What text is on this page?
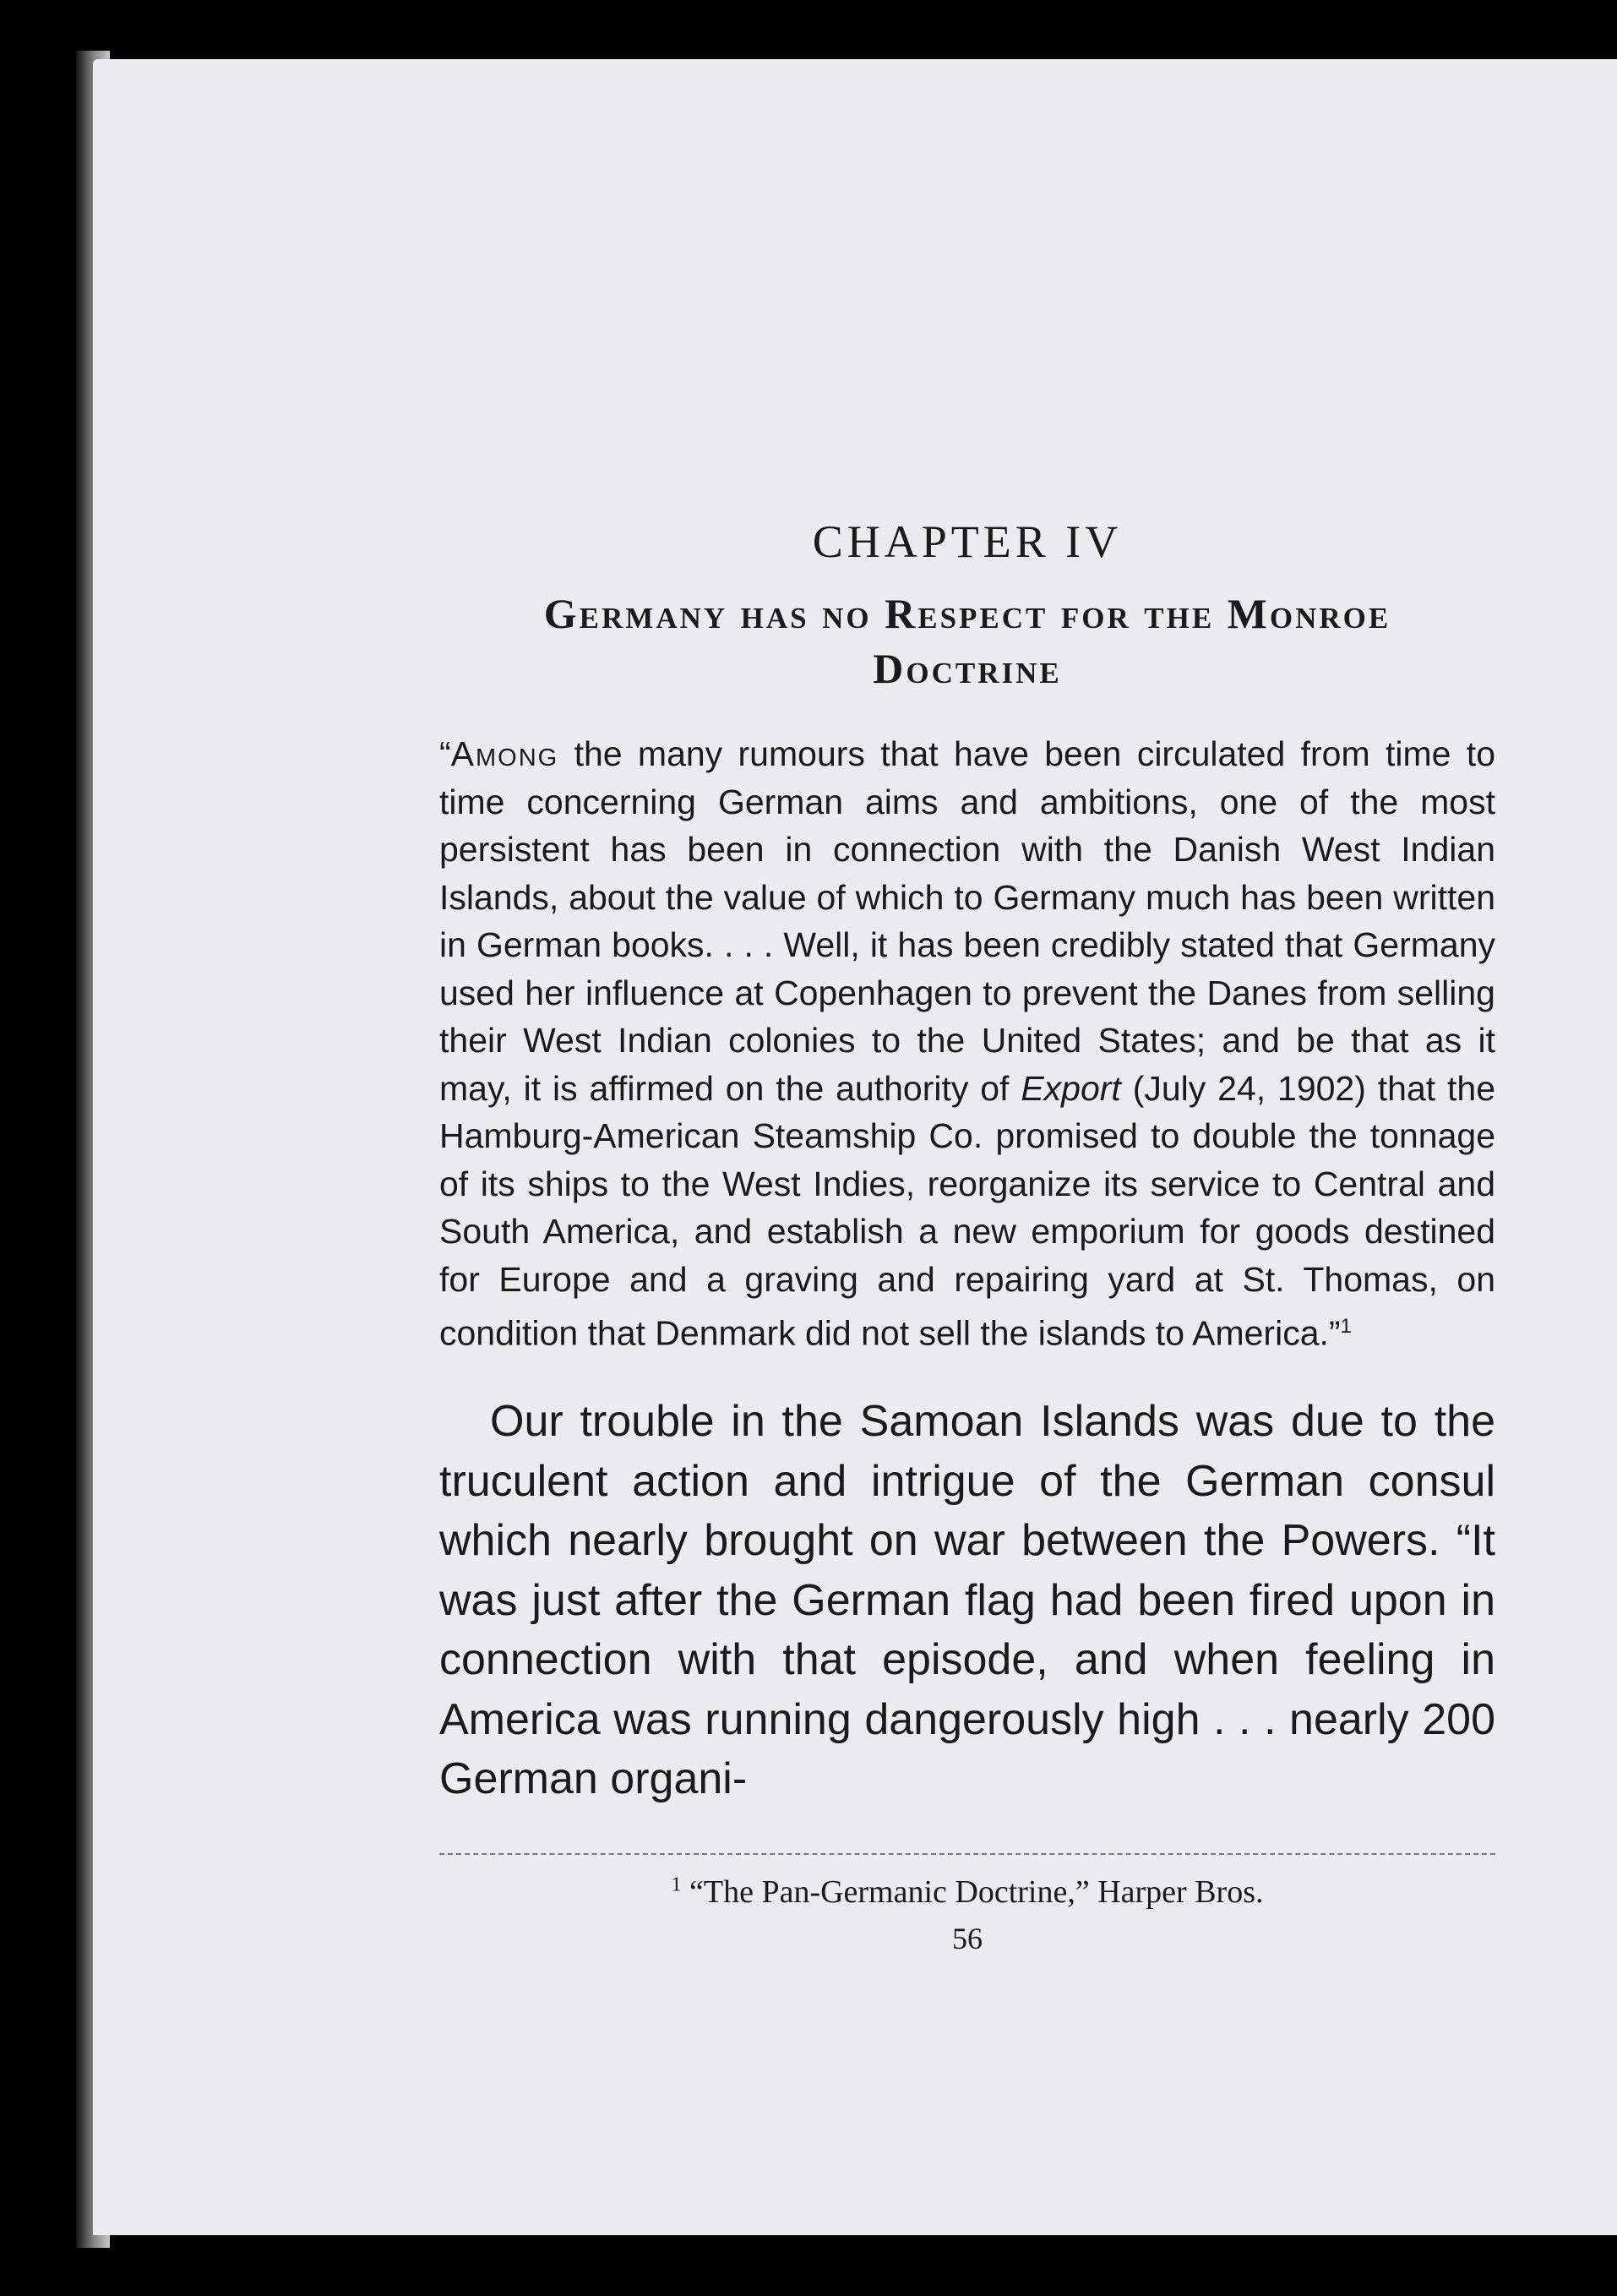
CHAPTER IV
Germany has no Respect for the Monroe
Doctrine

“Among the many rumours that have been circulated from time to time concerning German aims and ambitions, one of the most persistent has been in connection with the Danish West Indian Islands, about the value of which to Germany much has been written in German books. . . . Well, it has been credibly stated that Germany used her influence at Copenhagen to prevent the Danes from selling their West Indian colonies to the United States; and be that as it may, it is affirmed on the authority of Export (July 24, 1902) that the Hamburg-American Steamship Co. promised to double the tonnage of its ships to the West Indies, reorganize its service to Central and South America, and establish a new emporium for goods destined for Europe and a graving and repairing yard at St. Thomas, on condition that Denmark did not sell the islands to America.”$^1$

Our trouble in the Samoan Islands was due to the truculent action and intrigue of the German consul which nearly brought on war between the Powers. “It was just after the German flag had been fired upon in connection with that episode, and when feeling in America was running dangerously high . . . nearly 200 German organi-

$^1$ “The Pan-Germanic Doctrine,” Harper Bros.
56
